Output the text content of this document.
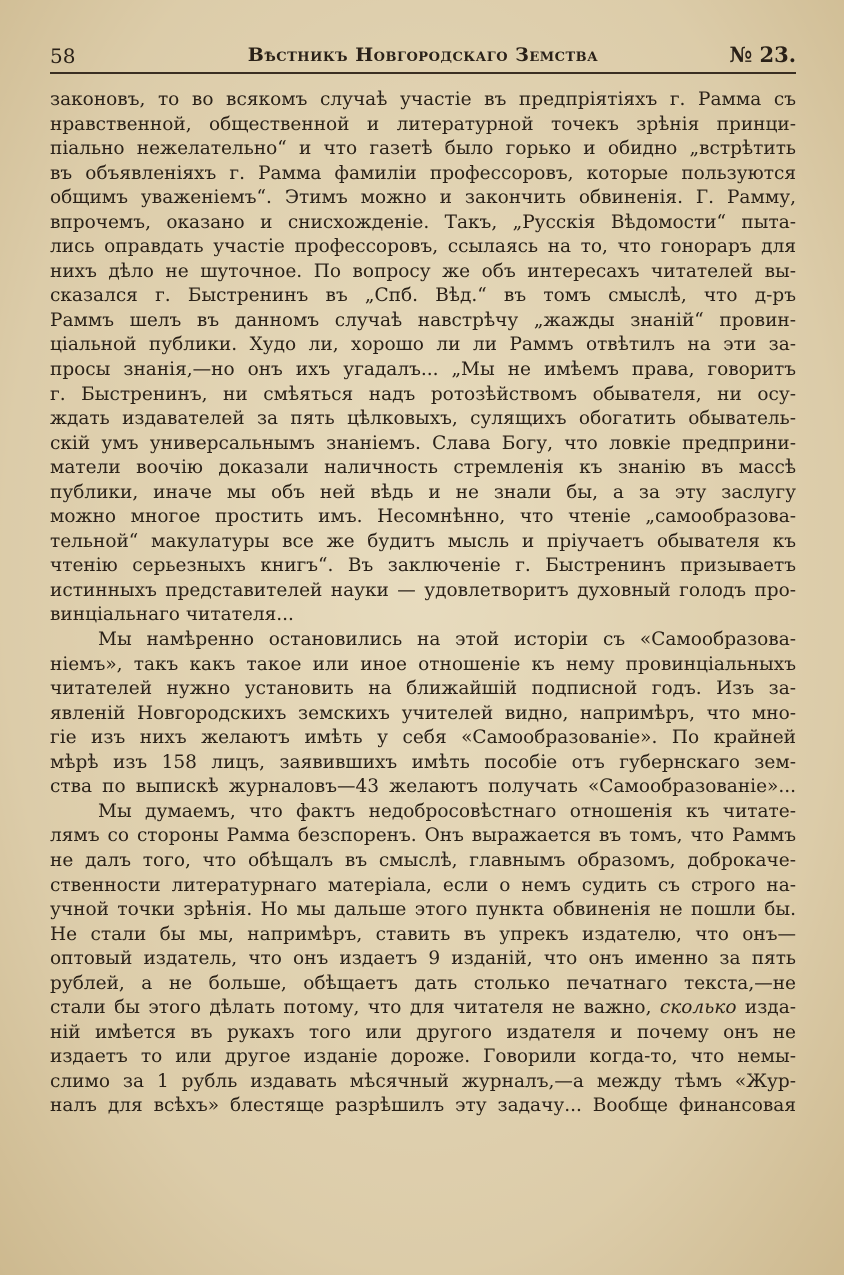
58	Вѣстникъ Новгородскаго Земства	№ 23.
законовъ, то во всякомъ случаѣ участіе въ предпріятіяхъ г. Рамма съ
нравственной, общественной и литературной точекъ зрѣнія принци-
піально нежелательно“ и что газетѣ было горько и обидно „встрѣтить
въ объявленіяхъ г. Рамма фамиліи профессоровъ, которые пользуются
общимъ уваженіемъ“. Этимъ можно и закончить обвиненія. Г. Рамму,
впрочемъ, оказано и снисхожденіе. Такъ, „Русскія Вѣдомости“ пыта-
лись оправдать участіе профессоровъ, ссылаясь на то, что гонораръ для
нихъ дѣло не шуточное. По вопросу же объ интересахъ читателей вы-
сказался г. Быстренинъ въ „Спб. Вѣд.“ въ томъ смыслѣ, что д-ръ
Раммъ шелъ въ данномъ случаѣ навстрѣчу „жажды знаній“ провин-
ціальной публики. Худо ли, хорошо ли ли Раммъ отвѣтилъ на эти за-
просы знанія,—но онъ ихъ угадалъ... „Мы не имѣемъ права, говоритъ
г. Быстренинъ, ни смѣяться надъ ротозѣйствомъ обывателя, ни осу-
ждать издавателей за пять цѣлковыхъ, сулящихъ обогатить обыватель-
скій умъ универсальнымъ знаніемъ. Слава Богу, что ловкіе предприни-
матели воочію доказали наличность стремленія къ знанію въ массѣ
публики, иначе мы объ ней вѣдь и не знали бы, а за эту заслугу
можно многое простить имъ. Несомнѣнно, что чтеніе „самообразова-
тельной“ макулатуры все же будитъ мысль и пріучаетъ обывателя къ
чтенію серьезныхъ книгъ“. Въ заключеніе г. Быстренинъ призываетъ
истинныхъ представителей науки — удовлетворитъ духовный голодъ про-
винціальнаго читателя...
Мы намѣренно остановились на этой исторіи съ «Самообразова-
ніемъ», такъ какъ такое или иное отношеніе къ нему провинціальныхъ
читателей нужно установить на ближайшій подписной годъ. Изъ за-
явленій Новгородскихъ земскихъ учителей видно, напримѣръ, что мно-
гіе изъ нихъ желаютъ имѣть у себя «Самообразованіе». По крайней
мѣрѣ изъ 158 лицъ, заявившихъ имѣть пособіе отъ губернскаго зем-
ства по выпискѣ журналовъ—43 желаютъ получать «Самообразованіе»...
Мы думаемъ, что фактъ недобросовѣстнаго отношенія къ читате-
лямъ со стороны Рамма безспоренъ. Онъ выражается въ томъ, что Раммъ
не далъ того, что обѣщалъ въ смыслѣ, главнымъ образомъ, доброкаче-
ственности литературнаго матеріала, если о немъ судить съ строго на-
учной точки зрѣнія. Но мы дальше этого пункта обвиненія не пошли бы.
Не стали бы мы, напримѣръ, ставить въ упрекъ издателю, что онъ—
оптовый издатель, что онъ издаетъ 9 изданій, что онъ именно за пять
рублей, а не больше, обѣщаетъ дать столько печатнаго текста,—не
стали бы этого дѣлать потому, что для читателя не важно, сколько изда-
ній имѣется въ рукахъ того или другого издателя и почему онъ не
издаетъ то или другое изданіе дороже. Говорили когда-то, что немы-
слимо за 1 рубль издавать мѣсячный журналъ,—а между тѣмъ «Жур-
налъ для всѣхъ» блестяще разрѣшилъ эту задачу... Вообще финансовая
